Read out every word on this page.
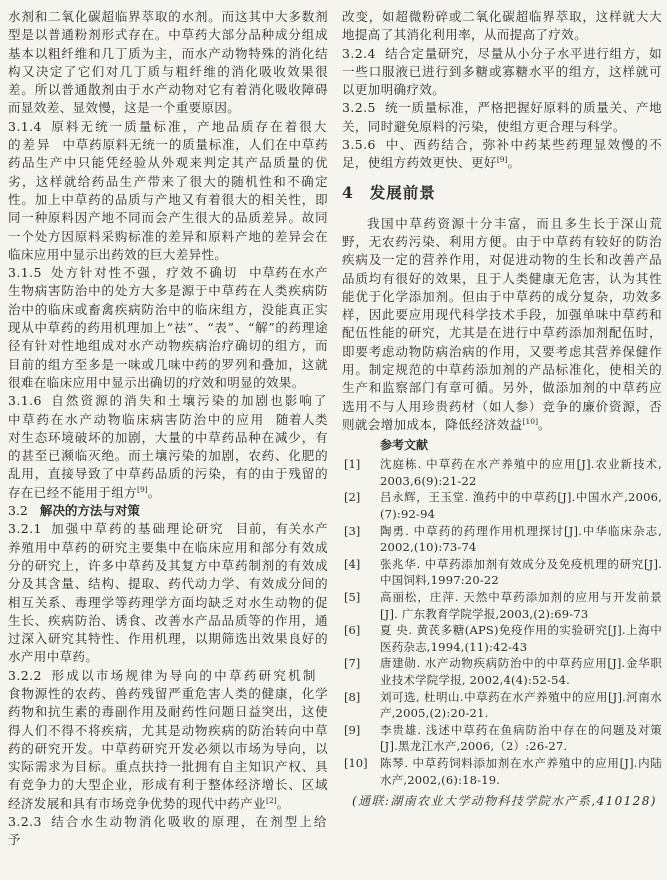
水剂和二氧化碳超临界萃取的水剂。而这其中大多数剂型是以普通粉剂形式存在。中草药大部分品种成分组成基本以粗纤维和几丁质为主，而水产动物特殊的消化结构又决定了它们对几丁质与粗纤维的消化吸收效果很差。所以普通散剂由于水产动物对它有着消化吸收障碍而显效差、显效慢，这是一个重要原因。

3.1.4 原料无统一质量标准，产地品质存在着很大的差异 中草药原料无统一的质量标准，人们在中草药药品生产中只能凭经验从外观来判定其产品质量的优劣，这样就给药品生产带来了很大的随机性和不确定性。加上中草药的品质与产地又有着很大的相关性，即同一种原料因产地不同而会产生很大的品质差异。故同一个处方因原料采购标准的差异和原料产地的差异会在临床应用中显示出药效的巨大差异性。

3.1.5 处方针对性不强，疗效不确切 中草药在水产生物病害防治中的处方大多是源于中草药在人类疾病防治中的临床或畜禽疾病防治中的临床组方，没能真正实现从中草药的药用机理加上“祛”、“表”、“解”的药理途径有针对性地组成对水产动物疾病治疗确切的组方，而目前的组方至多是一味或几味中药的罗列和叠加，这就很难在临床应用中显示出确切的疗效和明显的效果。

3.1.6 自然资源的消失和土壤污染的加剧也影响了中草药在水产动物临床病害防治中的应用 随着人类对生态环境破坏的加剧，大量的中草药品种在减少，有的甚至已濒临灭绝。而土壤污染的加剧，农药、化肥的乱用，直接导致了中草药品质的污染，有的由于残留的存在已经不能用于组方[9]。

3.2 解决的方法与对策

3.2.1 加强中草药的基础理论研究 目前，有关水产养殖用中草药的研究主要集中在临床应用和部分有效成分的研究上，许多中草药及其复方中草药制剂的有效成分及其含量、结构、提取、药代动力学、有效成分间的相互关系、毒理学等药理学方面均缺乏对水生动物的促生长、疾病防治、诱食、改善水产品品质等的作用，通过深入研究其特性、作用机理，以期筛选出效果良好的水产用中草药。

3.2.2 形成以市场规律为导向的中草药研究机制食物源性的农药、兽药残留严重危害人类的健康，化学药物和抗生素的毒副作用及耐药性问题日益突出，这使得人们不得不将疾病，尤其是动物疾病的防治转向中草药的研究开发。中草药研究开发必须以市场为导向，以实际需求为目标。重点扶持一批拥有自主知识产权、具有竞争力的大型企业，形成有利于整体经济增长、区域经济发展和具有市场竞争优势的现代中药产业[2]。

3.2.3 结合水生动物消化吸收的原理，在剂型上给予

改变，如超微粉碎或二氧化碳超临界萃取，这样就大大地提高了其消化利用率，从而提高了疗效。

3.2.4 结合定量研究，尽量从小分子水平进行组方，如一些口服液已进行到多糖或寡糖水平的组方，这样就可以更加明确疗效。

3.2.5 统一质量标准，严格把握好原料的质量关、产地关，同时避免原料的污染，使组方更合理与科学。

3.5.6 中、西药结合，弥补中药某些药理显效慢的不足，使组方药效更快、更好[9]。

4 发展前景

我国中草药资源十分丰富，而且多生长于深山荒野，无农药污染、利用方便。由于中草药有较好的防治疾病及一定的营养作用，对促进动物的生长和改善产品品质均有很好的效果，且于人类健康无危害，认为其性能优于化学添加剂。但由于中草药的成分复杂，功效多样，因此要应用现代科学技术手段，加强单味中草药和配伍性能的研究，尤其是在进行中草药添加剂配伍时，即要考虑动物防病治病的作用，又要考虑其营养保健作用。制定规范的中草药添加剂的产品标准化，使相关的生产和监察部门有章可循。另外，做添加剂的中草药应选用不与人用珍贵药材（如人参）竞争的廉价资源，否则就会增加成本，降低经济效益[10]。

参考文献
[1]	沈庭栋. 中草药在水产养殖中的应用[J].农业新技术, 2003,6(9):21-22
[2]	吕永辉，王玉堂. 渔药中的中草药[J].中国水产,2006,(7):92-94
[3]	陶勇. 中草药的药理作用机理探讨[J].中华临床杂志, 2002,(10):73-74
[4]	张兆华. 中草药添加剂有效成分及免疫机理的研究[J]. 中国饲料,1997:20-22
[5]	高丽松，庄萍. 天然中草药添加剂的应用与开发前景[J]. 广东教育学院学报,2003,(2):69-73
[6]	夏 央. 黄芪多糖(APS)免疫作用的实验研究[J].上海中医药杂志,1994,(11):42-43
[7]	唐建勋. 水产动物疾病防治中的中草药应用[J].金华职业技术学院学报, 2002,4(4):52-54.
[8]	刘可选, 杜明山.中草药在水产养殖中的应用[J].河南水产,2005,(2):20-21.
[9]	李贵雄. 浅述中草药在鱼病防治中存在的问题及对策[J].黑龙江水产,2006,（2）:26-27.
[10]	陈琴. 中草药饲料添加剂在水产养殖中的应用[J].内陆水产,2002,(6):18-19.
(通联:湖南农业大学动物科技学院水产系,410128)
